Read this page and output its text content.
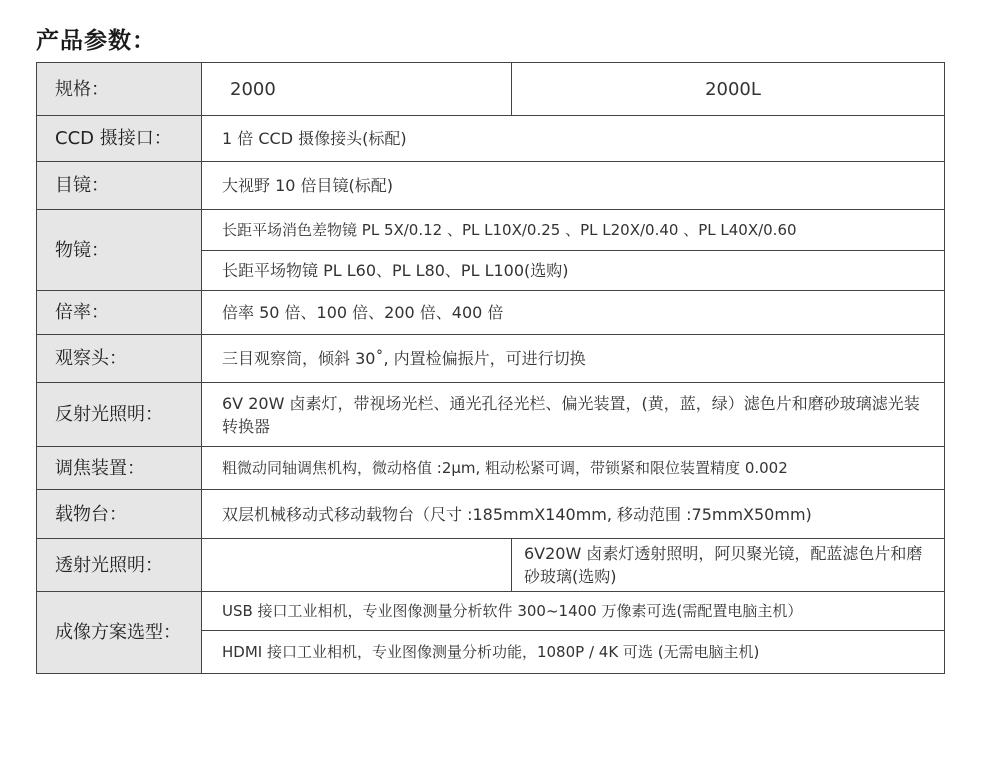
产品参数：
规格：	2000	2000L
CCD 摄接口：	1 倍 CCD 摄像接头(标配)	
目镜：	大视野 10 倍目镜(标配)	
物镜：	长距平场消色差物镜 PL 5X/0.12 、PL L10X/0.25 、PL L20X/0.40 、PL L40X/0.60	
	长距平场物镜 PL L60、PL L80、PL L100(选购)	
倍率：	倍率 50 倍、100 倍、200 倍、400 倍	
观察头：	三目观察筒，倾斜 30˚, 内置检偏振片，可进行切换	
反射光照明：	6V 20W 卤素灯，带视场光栏、通光孔径光栏、偏光装置，(黄，蓝，绿）滤色片和磨砂玻璃滤光装转换器	
调焦装置：	粗微动同轴调焦机构，微动格值 :2μm, 粗动松紧可调，带锁紧和限位装置精度 0.002	
载物台：	双层机械移动式移动载物台（尺寸 :185mmX140mm, 移动范围 :75mmX50mm)	
透射光照明：		6V20W 卤素灯透射照明，阿贝聚光镜，配蓝滤色片和磨砂玻璃(选购)
成像方案选型：	USB 接口工业相机，专业图像测量分析软件 300~1400 万像素可选(需配置电脑主机）	
	HDMI 接口工业相机，专业图像测量分析功能，1080P / 4K 可选 (无需电脑主机)	
